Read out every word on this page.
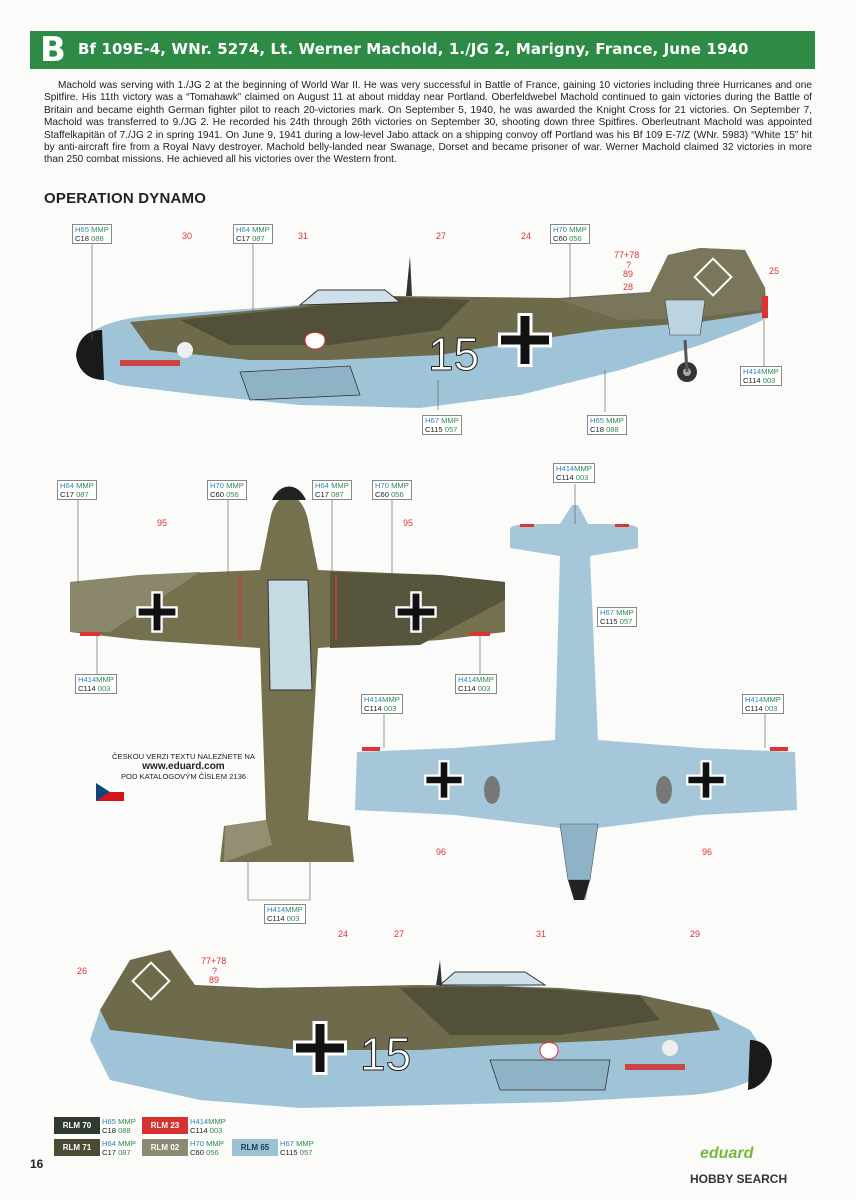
B Bf 109E-4, WNr. 5274, Lt. Werner Machold, 1./JG 2, Marigny, France, June 1940

Machold was serving with 1./JG 2 at the beginning of World War II. He was very successful in Battle of France, gaining 10 victories including three Hurricanes and one Spitfire. His 11th victory was a “Tomahawk” claimed on August 11 at about midday near Portland. Oberfeldwebel Machold continued to gain victories during the Battle of Britain and became eighth German fighter pilot to reach 20-victories mark. On September 5, 1940, he was awarded the Knight Cross for 21 victories. On September 7, Machold was transferred to 9./JG 2. He recorded his 24th through 26th victories on September 30, shooting down three Spitfires. Oberleutnant Machold was appointed Staffelkapitän of 7./JG 2 in spring 1941. On June 9, 1941 during a low-level Jabo attack on a shipping convoy off Portland was his Bf 109 E-7/Z (WNr. 5983) “White 15” hit by anti-aircraft fire from a Royal Navy destroyer. Machold belly-landed near Swanage, Dorset and became prisoner of war. Werner Machold claimed 32 victories in more than 250 combat missions. He achieved all his victories over the Western front.

OPERATION DYNAMO
15
15
H65 MMP
C18 088
H64 MMP
C17 087
H70 MMP
C60 056
H414MMP
C114 003
H67 MMP
C115 057
H65 MMP
C18 088
H64 MMP
C17 087
H70 MMP
C60 056
H64 MMP
C17 087
H70 MMP
C60 056
H414MMP
C114 003
H414MMP
C114 003
H414MMP
C114 003
H67 MMP
C115 057
H414MMP
C114 003
H414MMP
C114 003
H414MMP
C114 003
30	31	27	24
77+78
?
89
28
25
95	95
96	96
24	27	31	29
26
77+78
?
89
ČESKOU VERZI TEXTU NALEZNETE NA
www.eduard.com
POD KATALOGOVÝM ČÍSLEM 2136
RLM 70	H65 MMP
C18 088
RLM 23	H414MMP
C114 003
RLM 71	H64 MMP
C17 087
RLM 02	H70 MMP
C60 056
RLM 65	H67 MMP
C115 057
16
eduard
HOBBY SEARCH
